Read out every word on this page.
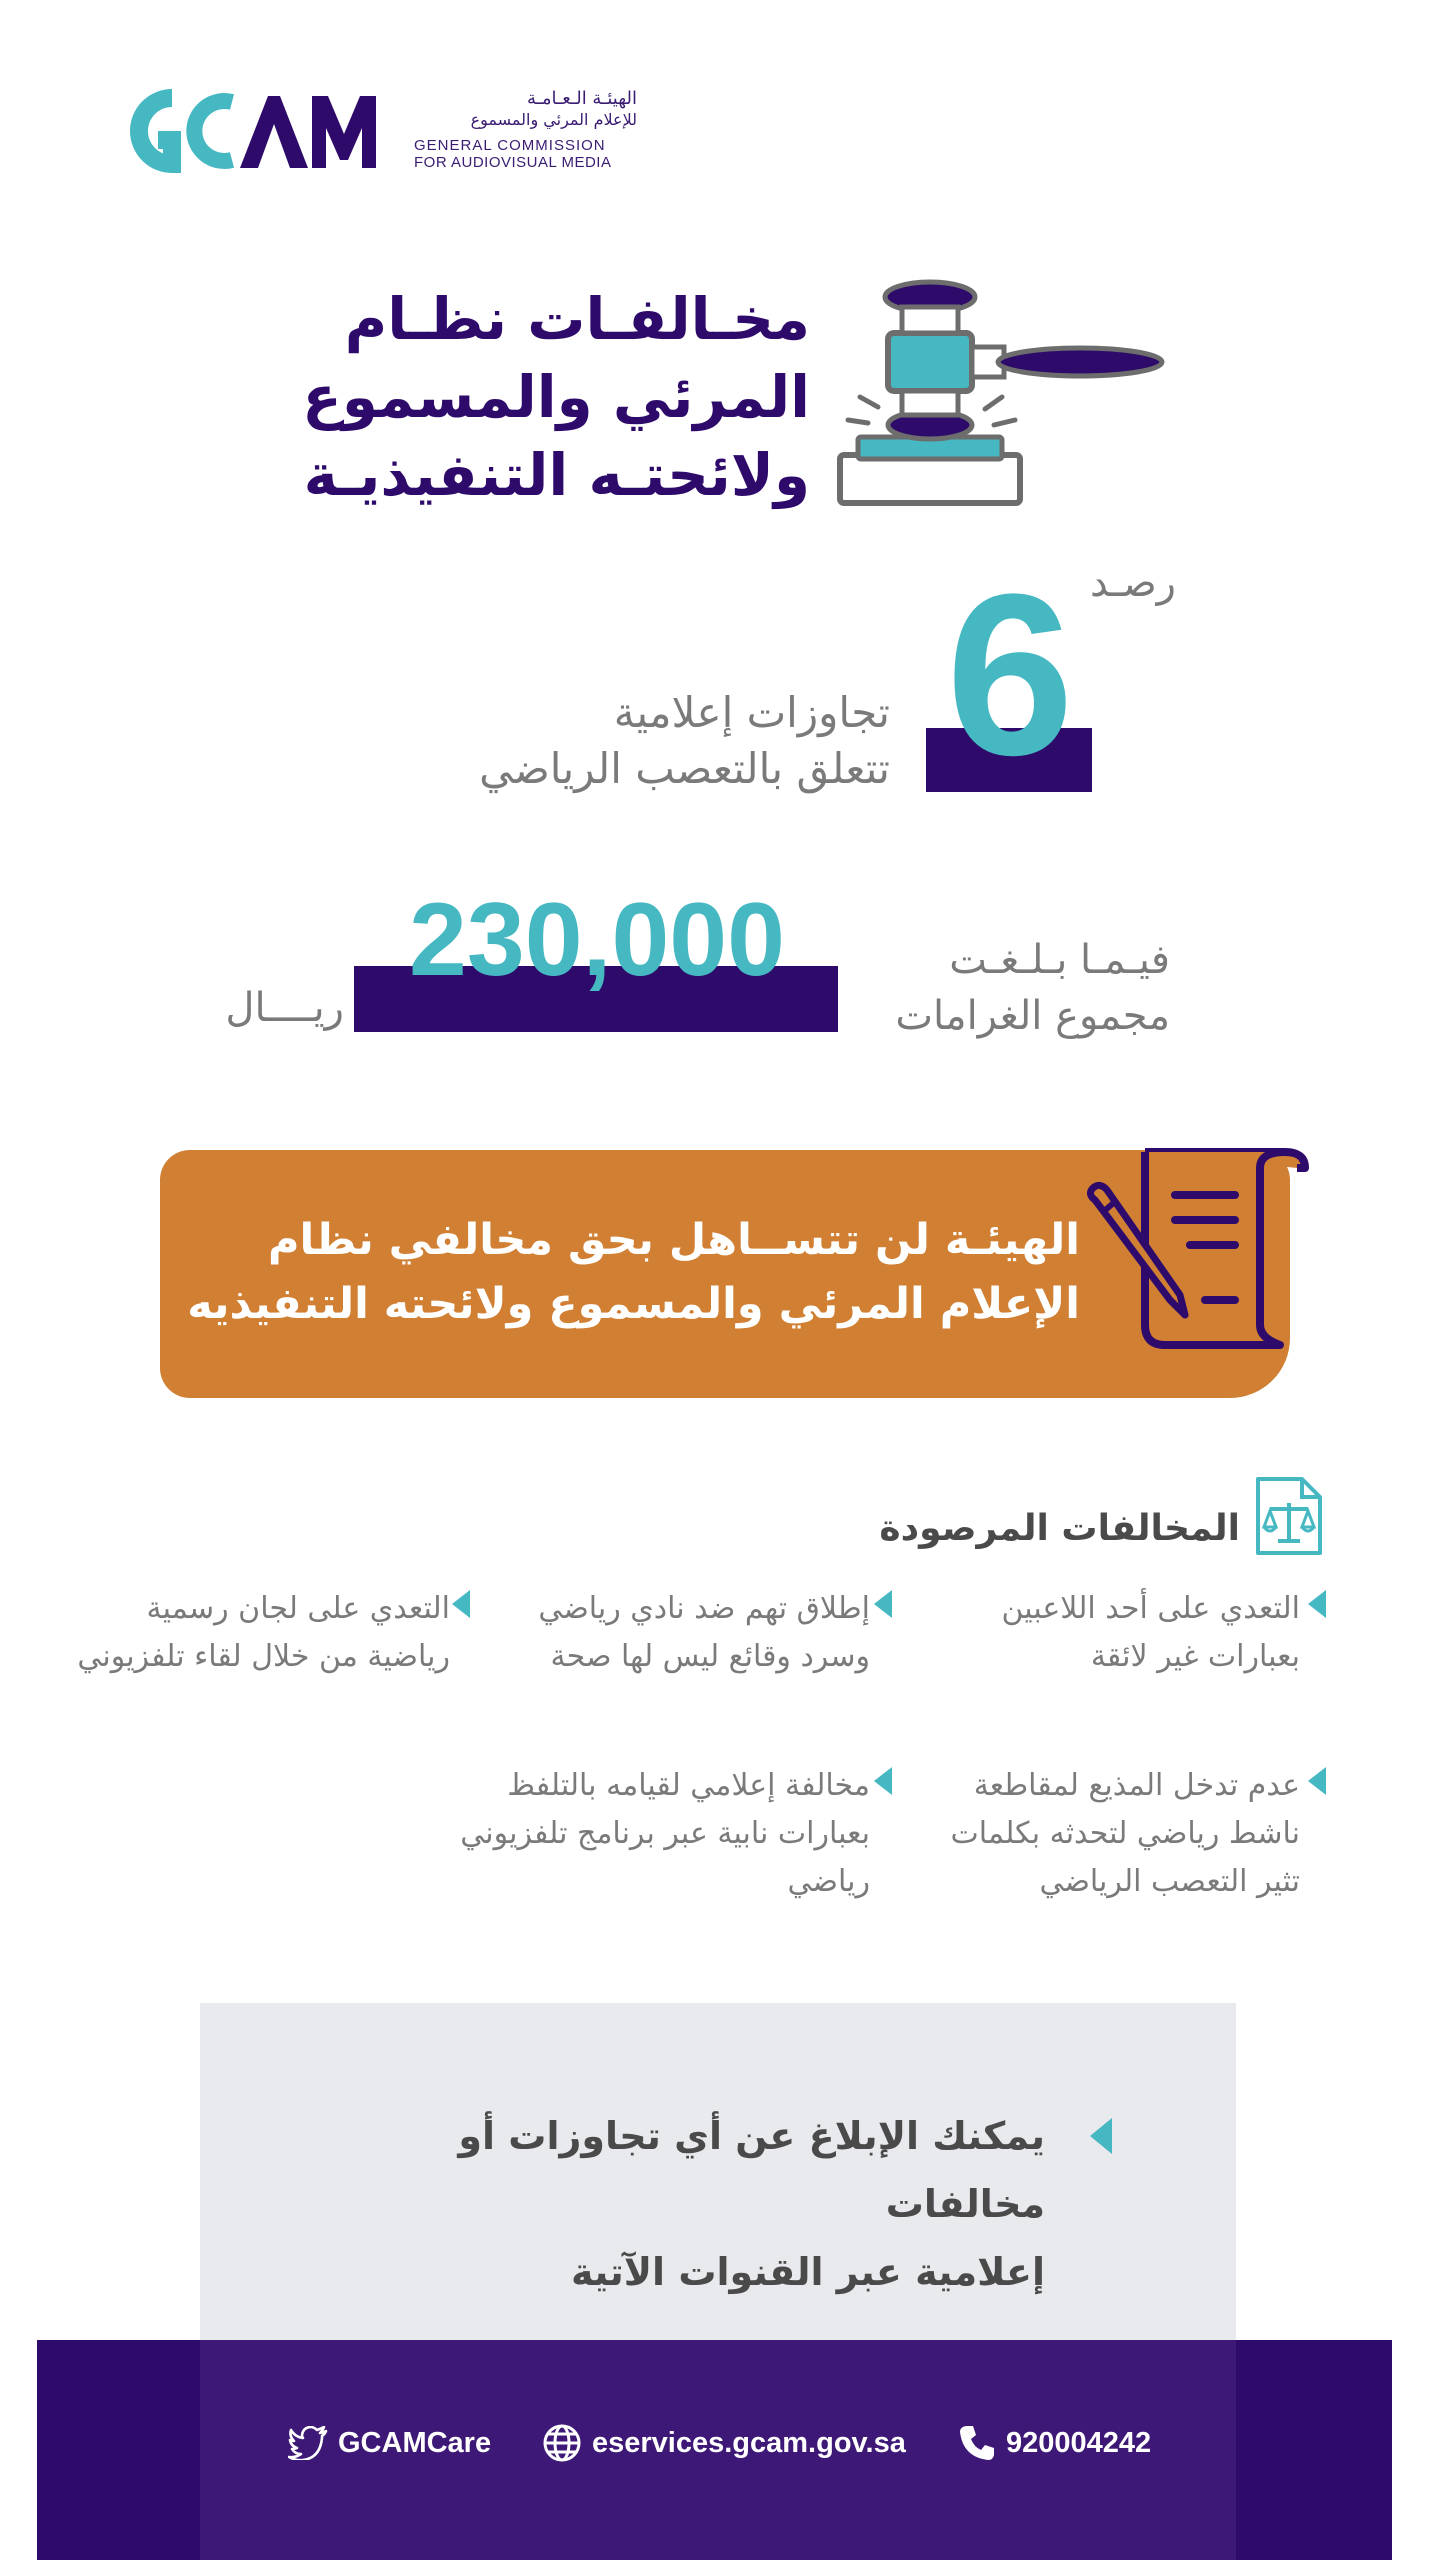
الهيئـة الـعـامـة
للإعلام المرئي والمسموع
GENERAL COMMISSION
FOR AUDIOVISUAL MEDIA
مخـالفـات نظـام
المرئي والمسموع
ولائحتـه التنفيذيـة
رصـد
6
تجاوزات إعلامية
تتعلق بالتعصب الرياضي
230,000
ريــــال
فيـمـا بـلـغـت
مجموع الغرامات
الهيئـة لن تتســاهل بحق مخالفي نظام
الإعلام المرئي والمسموع ولائحته التنفيذيه
المخالفات المرصودة
التعدي على أحد اللاعبين
بعبارات غير لائقة
إطلاق تهم ضد نادي رياضي
وسرد وقائع ليس لها صحة
التعدي على لجان رسمية
رياضية من خلال لقاء تلفزيوني
عدم تدخل المذيع لمقاطعة
ناشط رياضي لتحدثه بكلمات
تثير التعصب الرياضي
مخالفة إعلامي لقيامه بالتلفظ
بعبارات نابية عبر برنامج تلفزيوني
رياضي
يمكنك الإبلاغ عن أي تجاوزات أو مخالفات
إعلامية عبر القنوات الآتية
GCAMCare	eservices.gcam.gov.sa	920004242
